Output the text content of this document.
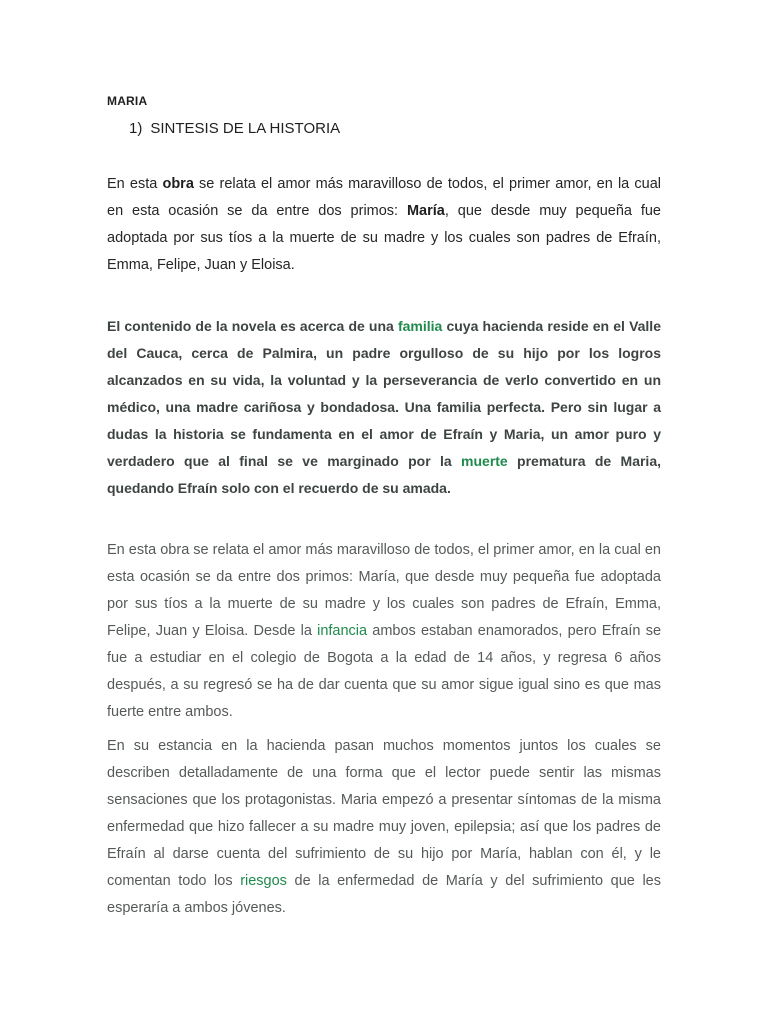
MARIA
1) SINTESIS DE LA HISTORIA

En esta obra se relata el amor más maravilloso de todos, el primer amor, en la cual en esta ocasión se da entre dos primos: María, que desde muy pequeña fue adoptada por sus tíos a la muerte de su madre y los cuales son padres de Efraín, Emma, Felipe, Juan y Eloisa.

El contenido de la novela es acerca de una familia cuya hacienda reside en el Valle del Cauca, cerca de Palmira, un padre orgulloso de su hijo por los logros alcanzados en su vida, la voluntad y la perseverancia de verlo convertido en un médico, una madre cariñosa y bondadosa. Una familia perfecta. Pero sin lugar a dudas la historia se fundamenta en el amor de Efraín y Maria, un amor puro y verdadero que al final se ve marginado por la muerte prematura de Maria, quedando Efraín solo con el recuerdo de su amada.

En esta obra se relata el amor más maravilloso de todos, el primer amor, en la cual en esta ocasión se da entre dos primos: María, que desde muy pequeña fue adoptada por sus tíos a la muerte de su madre y los cuales son padres de Efraín, Emma, Felipe, Juan y Eloisa. Desde la infancia ambos estaban enamorados, pero Efraín se fue a estudiar en el colegio de Bogota a la edad de 14 años, y regresa 6 años después, a su regresó se ha de dar cuenta que su amor sigue igual sino es que mas fuerte entre ambos.

En su estancia en la hacienda pasan muchos momentos juntos los cuales se describen detalladamente de una forma que el lector puede sentir las mismas sensaciones que los protagonistas. Maria empezó a presentar síntomas de la misma enfermedad que hizo fallecer a su madre muy joven, epilepsia; así que los padres de Efraín al darse cuenta del sufrimiento de su hijo por María, hablan con él, y le comentan todo los riesgos de la enfermedad de María y del sufrimiento que les esperaría a ambos jóvenes.
